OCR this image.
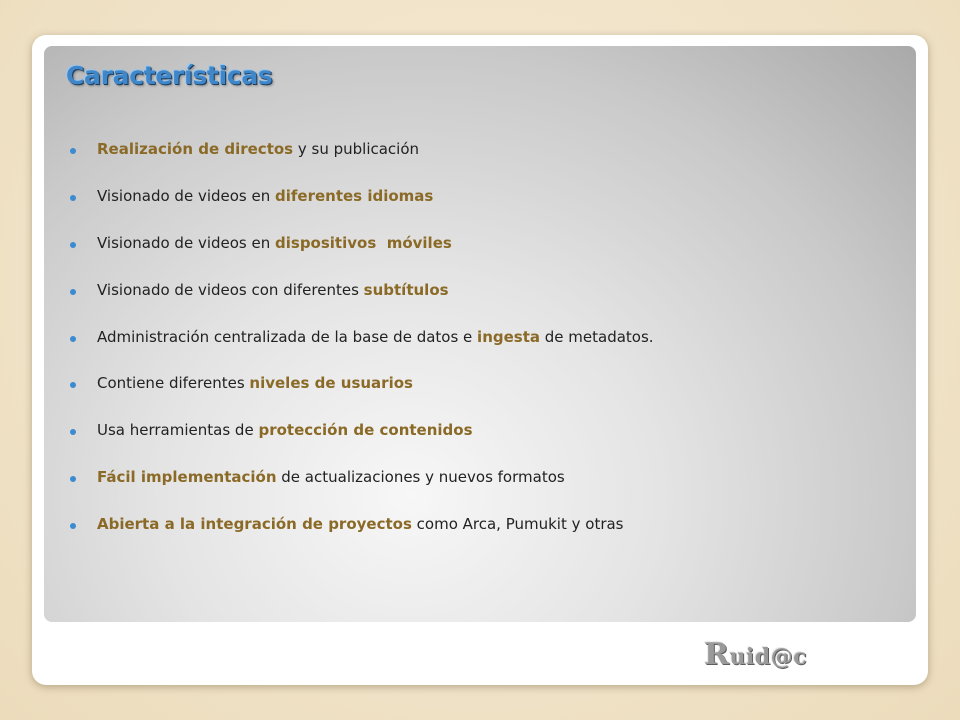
Características
Realización de directos y su publicación
Visionado de videos en diferentes idiomas
Visionado de videos en dispositivos  móviles
Visionado de videos con diferentes subtítulos
Administración centralizada de la base de datos e ingesta de metadatos.
Contiene diferentes niveles de usuarios
Usa herramientas de protección de contenidos
Fácil implementación de actualizaciones y nuevos formatos
Abierta a la integración de proyectos como Arca, Pumukit y otras
Ruid@c
